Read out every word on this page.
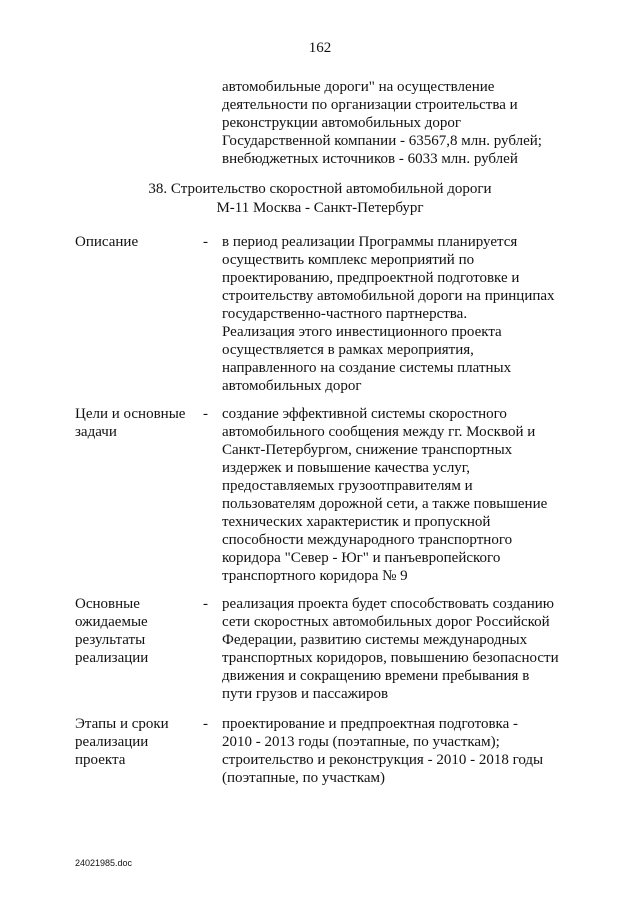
162
автомобильные дороги" на осуществление
деятельности по организации строительства и
реконструкции автомобильных дорог
Государственной компании - 63567,8 млн. рублей;
внебюджетных источников - 6033 млн. рублей
38. Строительство скоростной автомобильной дороги
М-11 Москва - Санкт-Петербург
Описание	- в период реализации Программы планируется
осуществить комплекс мероприятий по
проектированию, предпроектной подготовке и
строительству автомобильной дороги на принципах
государственно-частного партнерства.
Реализация этого инвестиционного проекта
осуществляется в рамках мероприятия,
направленного на создание системы платных
автомобильных дорог
Цели и основные
задачи
- создание эффективной системы скоростного
автомобильного сообщения между гг. Москвой и
Санкт-Петербургом, снижение транспортных
издержек и повышение качества услуг,
предоставляемых грузоотправителям и
пользователям дорожной сети, а также повышение
технических характеристик и пропускной
способности международного транспортного
коридора "Север - Юг" и панъевропейского
транспортного коридора № 9
Основные
ожидаемые
результаты
реализации
- реализация проекта будет способствовать созданию
сети скоростных автомобильных дорог Российской
Федерации, развитию системы международных
транспортных коридоров, повышению безопасности
движения и сокращению времени пребывания в
пути грузов и пассажиров
Этапы и сроки
реализации
проекта
- проектирование и предпроектная подготовка -
2010 - 2013 годы (поэтапные, по участкам);
строительство и реконструкция - 2010 - 2018 годы
(поэтапные, по участкам)
24021985.doc
